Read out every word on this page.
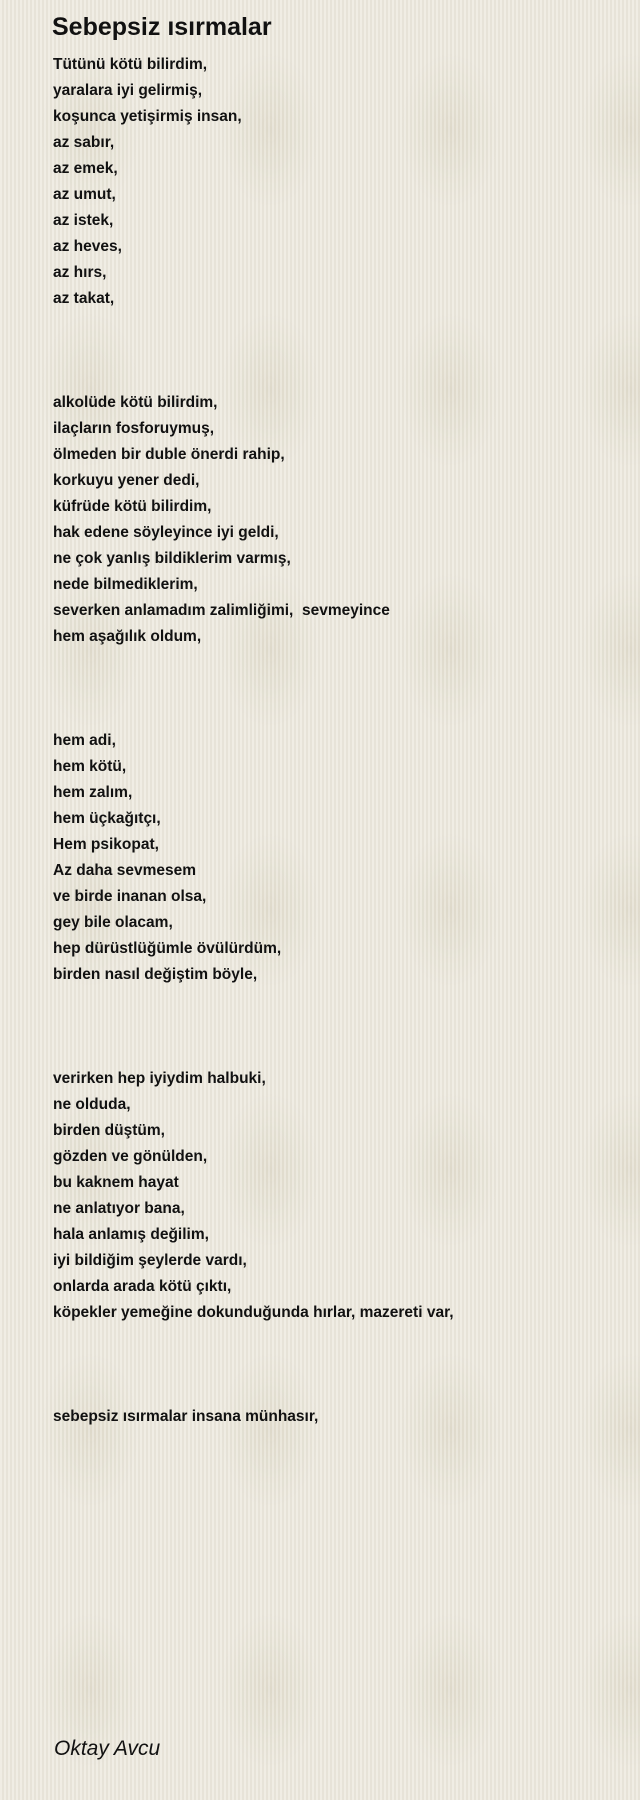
Sebepsiz ısırmalar

Tütünü kötü bilirdim,
yaralara iyi gelirmiş,
koşunca yetişirmiş insan,
az sabır,
az emek,
az umut,
az istek,
az heves,
az hırs,
az takat,

alkolüde kötü bilirdim,
ilaçların fosforuymuş,
ölmeden bir duble önerdi rahip,
korkuyu yener dedi,
küfrüde kötü bilirdim,
hak edene söyleyince iyi geldi,
ne çok yanlış bildiklerim varmış,
nede bilmediklerim,
severken anlamadım zalimliğimi,  sevmeyince
hem aşağılık oldum,

hem adi,
hem kötü,
hem zalım,
hem üçkağıtçı,
Hem psikopat,
Az daha sevmesem
ve birde inanan olsa,
gey bile olacam,
hep dürüstlüğümle övülürdüm,
birden nasıl değiştim böyle,

verirken hep iyiydim halbuki,
ne olduda,
birden düştüm,
gözden ve gönülden,
bu kaknem hayat
ne anlatıyor bana,
hala anlamış değilim,
iyi bildiğim şeylerde vardı,
onlarda arada kötü çıktı,
köpekler yemeğine dokunduğunda hırlar, mazereti var,

sebepsiz ısırmalar insana münhasır,

Oktay Avcu
